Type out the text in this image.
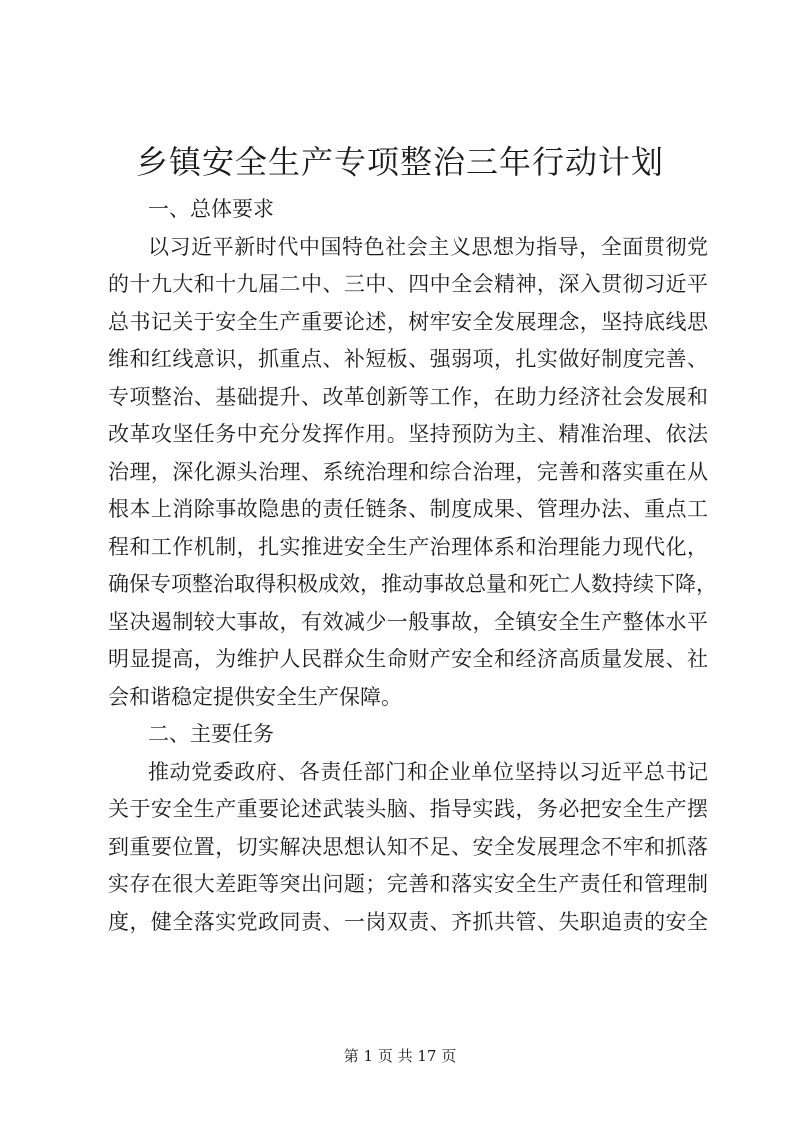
乡镇安全生产专项整治三年行动计划
一、总体要求
以习近平新时代中国特色社会主义思想为指导，全面贯彻党
的十九大和十九届二中、三中、四中全会精神，深入贯彻习近平
总书记关于安全生产重要论述，树牢安全发展理念，坚持底线思
维和红线意识，抓重点、补短板、强弱项，扎实做好制度完善、
专项整治、基础提升、改革创新等工作，在助力经济社会发展和
改革攻坚任务中充分发挥作用。坚持预防为主、精准治理、依法
治理，深化源头治理、系统治理和综合治理，完善和落实重在从
根本上消除事故隐患的责任链条、制度成果、管理办法、重点工
程和工作机制，扎实推进安全生产治理体系和治理能力现代化，
确保专项整治取得积极成效，推动事故总量和死亡人数持续下降，
坚决遏制较大事故，有效减少一般事故，全镇安全生产整体水平
明显提高，为维护人民群众生命财产安全和经济高质量发展、社
会和谐稳定提供安全生产保障。
二、主要任务
推动党委政府、各责任部门和企业单位坚持以习近平总书记
关于安全生产重要论述武装头脑、指导实践，务必把安全生产摆
到重要位置，切实解决思想认知不足、安全发展理念不牢和抓落
实存在很大差距等突出问题；完善和落实安全生产责任和管理制
度，健全落实党政同责、一岗双责、齐抓共管、失职追责的安全
第 1 页 共 17 页
